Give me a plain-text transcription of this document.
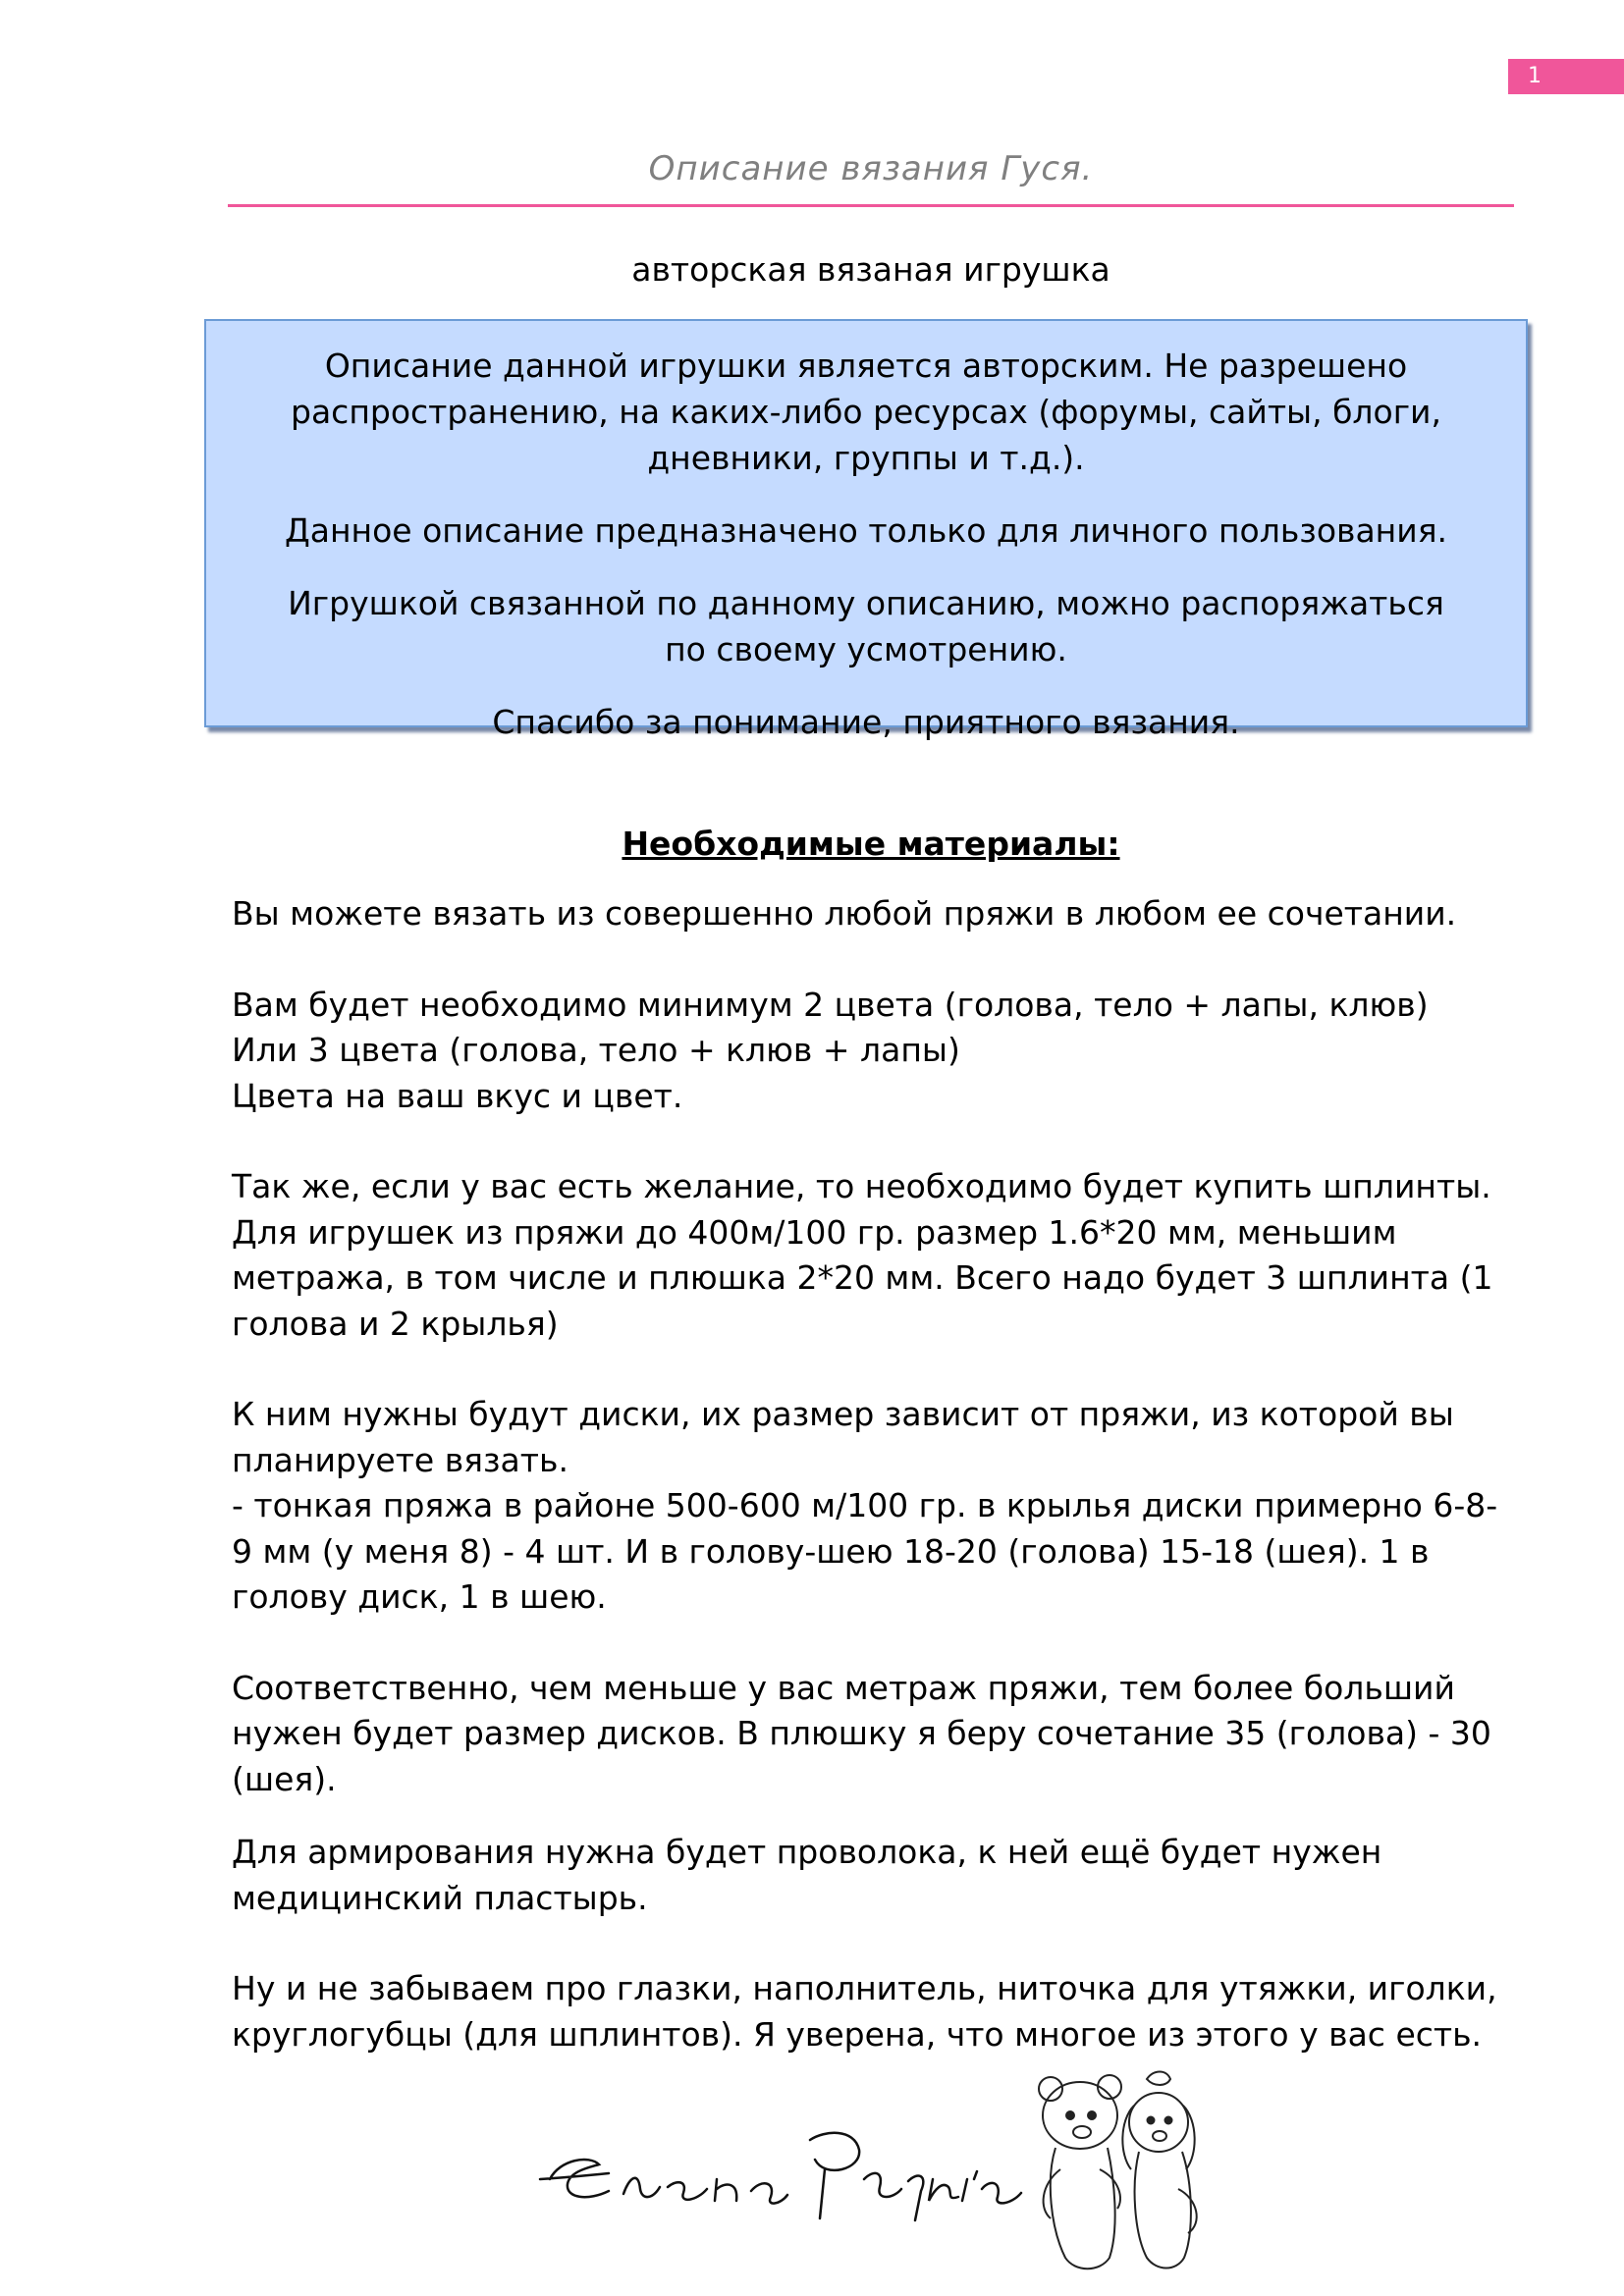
1
Описание вязания Гуся.
авторская вязаная игрушка

Описание данной игрушки является авторским. Не разрешено распространению, на каких-либо ресурсах (форумы, сайты, блоги, дневники, группы и т.д.).

Данное описание предназначено только для личного пользования.

Игрушкой связанной по данному описанию, можно распоряжаться по своему усмотрению.

Спасибо за понимание, приятного вязания.

Необходимые материалы:

Вы можете вязать из совершенно любой пряжи в любом ее сочетании.

Вам будет необходимо минимум 2 цвета (голова, тело + лапы, клюв)

Или 3 цвета (голова, тело + клюв + лапы)

Цвета на ваш вкус и цвет.

Так же, если у вас есть желание, то необходимо будет купить шплинты. Для игрушек из пряжи до 400м/100 гр. размер 1.6*20 мм, меньшим метража, в том числе и плюшка 2*20 мм. Всего надо будет 3 шплинта (1 голова и 2 крылья)

К ним нужны будут диски, их размер зависит от пряжи, из которой вы планируете вязать.

- тонкая пряжа в районе 500-600 м/100 гр. в крылья диски примерно 6-8-9 мм (у меня 8) - 4 шт. И в голову-шею 18-20 (голова) 15-18 (шея). 1 в голову диск, 1 в шею.

Соответственно, чем меньше у вас метраж пряжи, тем более больший нужен будет размер дисков. В плюшку я беру сочетание 35 (голова) - 30 (шея).

Для армирования нужна будет проволока, к ней ещё будет нужен медицинский пластырь.

Ну и не забываем про глазки, наполнитель, ниточка для утяжки, иголки, круглогубцы (для шплинтов). Я уверена, что многое из этого у вас есть.
